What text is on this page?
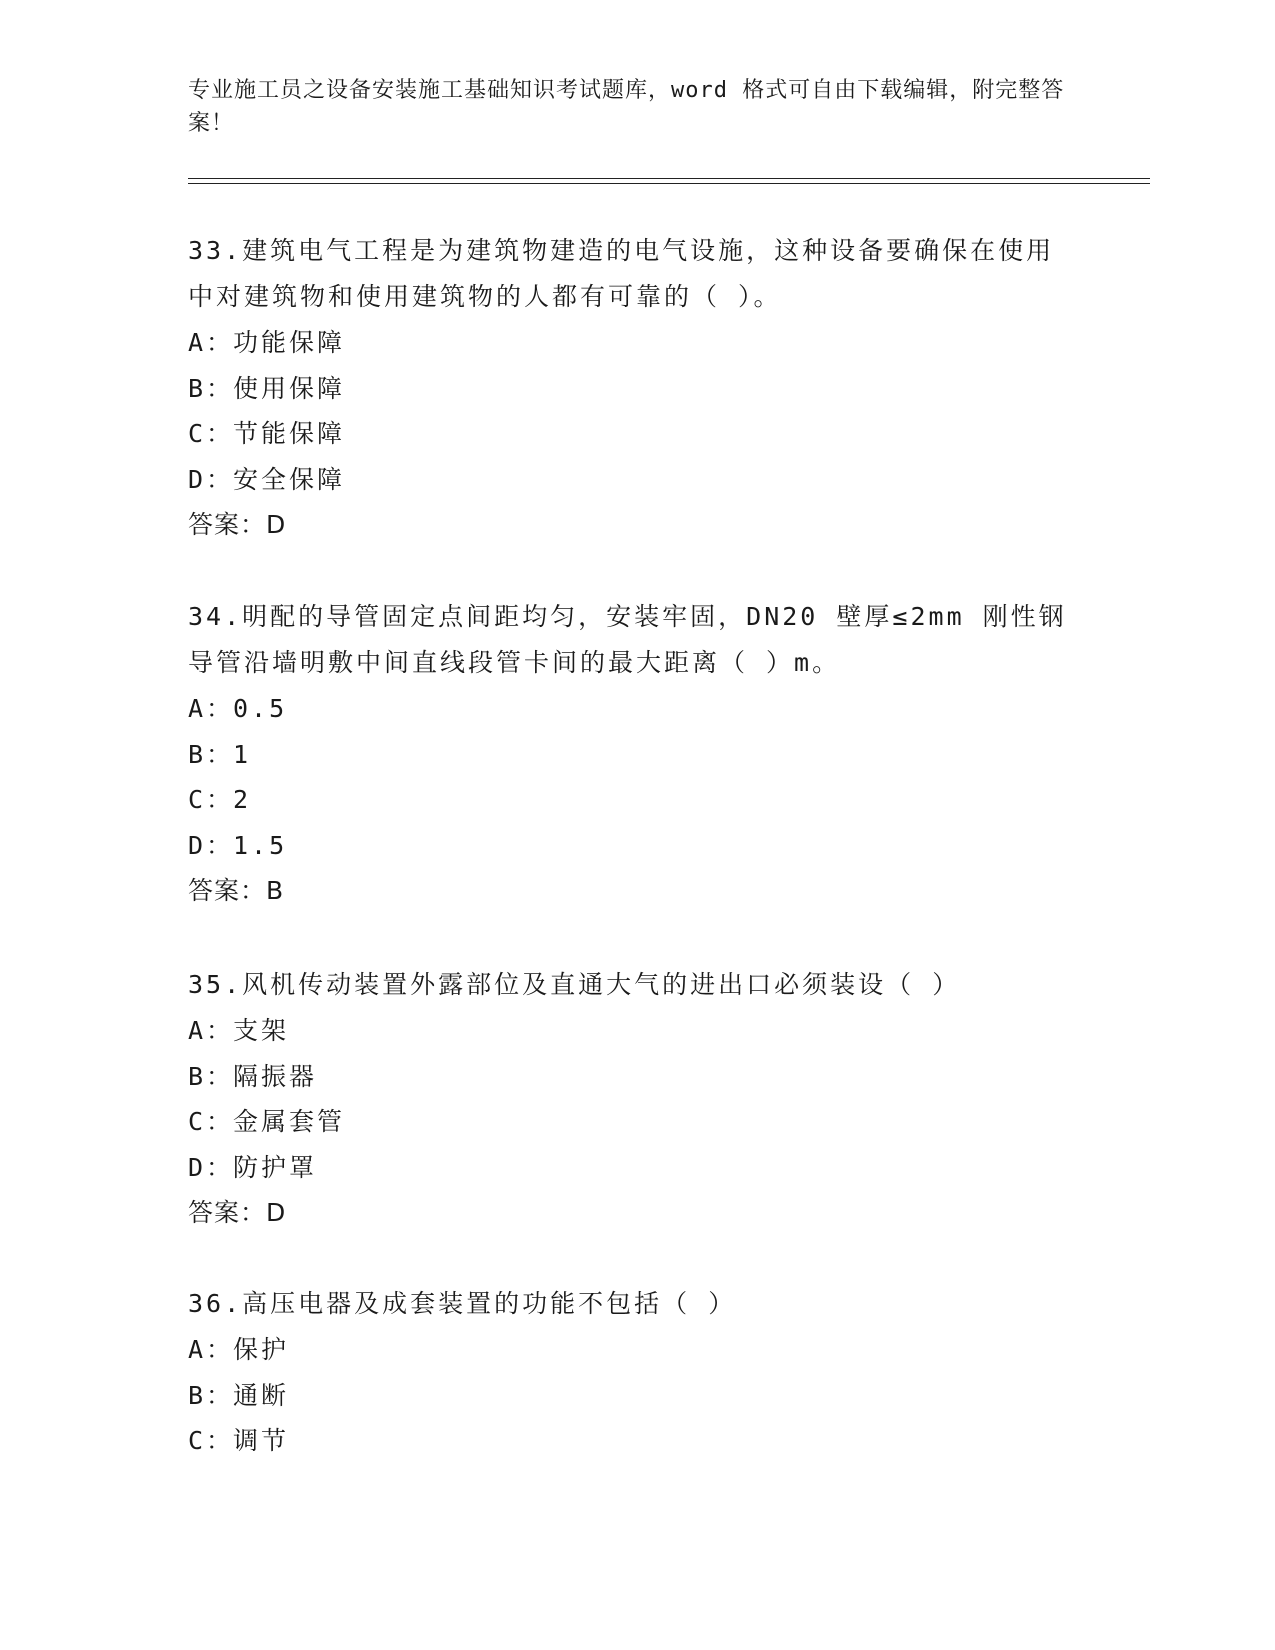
专业施工员之设备安装施工基础知识考试题库，word 格式可自由下载编辑，附完整答案！
33.建筑电气工程是为建筑物建造的电气设施，这种设备要确保在使用中对建筑物和使用建筑物的人都有可靠的（ ）。
A：功能保障
B：使用保障
C：节能保障
D：安全保障
答案：D
34.明配的导管固定点间距均匀，安装牢固，DN20 壁厚≤2mm 刚性钢导管沿墙明敷中间直线段管卡间的最大距离（ ）m。
A：0.5
B：1
C：2
D：1.5
答案：B
35.风机传动装置外露部位及直通大气的进出口必须装设（ ）
A：支架
B：隔振器
C：金属套管
D：防护罩
答案：D
36.高压电器及成套装置的功能不包括（ ）
A：保护
B：通断
C：调节
